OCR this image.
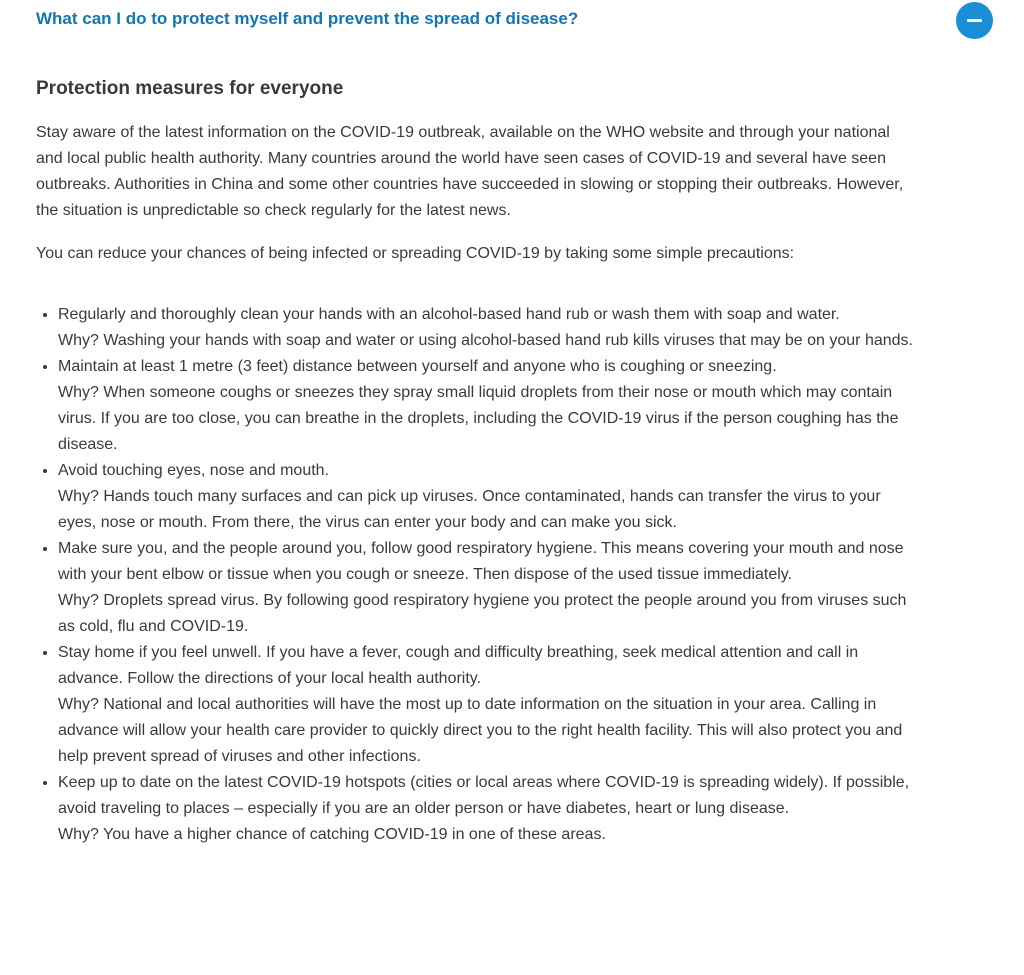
What can I do to protect myself and prevent the spread of disease?
Protection measures for everyone

Stay aware of the latest information on the COVID-19 outbreak, available on the WHO website and through your national and local public health authority. Many countries around the world have seen cases of COVID-19 and several have seen outbreaks. Authorities in China and some other countries have succeeded in slowing or stopping their outbreaks. However, the situation is unpredictable so check regularly for the latest news.

You can reduce your chances of being infected or spreading COVID-19 by taking some simple precautions:

• Regularly and thoroughly clean your hands with an alcohol-based hand rub or wash them with soap and water.
Why? Washing your hands with soap and water or using alcohol-based hand rub kills viruses that may be on your hands.
• Maintain at least 1 metre (3 feet) distance between yourself and anyone who is coughing or sneezing.
Why? When someone coughs or sneezes they spray small liquid droplets from their nose or mouth which may contain virus. If you are too close, you can breathe in the droplets, including the COVID-19 virus if the person coughing has the disease.
• Avoid touching eyes, nose and mouth.
Why? Hands touch many surfaces and can pick up viruses. Once contaminated, hands can transfer the virus to your eyes, nose or mouth. From there, the virus can enter your body and can make you sick.
• Make sure you, and the people around you, follow good respiratory hygiene. This means covering your mouth and nose with your bent elbow or tissue when you cough or sneeze. Then dispose of the used tissue immediately.
Why? Droplets spread virus. By following good respiratory hygiene you protect the people around you from viruses such as cold, flu and COVID-19.
• Stay home if you feel unwell. If you have a fever, cough and difficulty breathing, seek medical attention and call in advance. Follow the directions of your local health authority.
Why? National and local authorities will have the most up to date information on the situation in your area. Calling in advance will allow your health care provider to quickly direct you to the right health facility. This will also protect you and help prevent spread of viruses and other infections.
• Keep up to date on the latest COVID-19 hotspots (cities or local areas where COVID-19 is spreading widely). If possible, avoid traveling to places – especially if you are an older person or have diabetes, heart or lung disease.
Why? You have a higher chance of catching COVID-19 in one of these areas.
